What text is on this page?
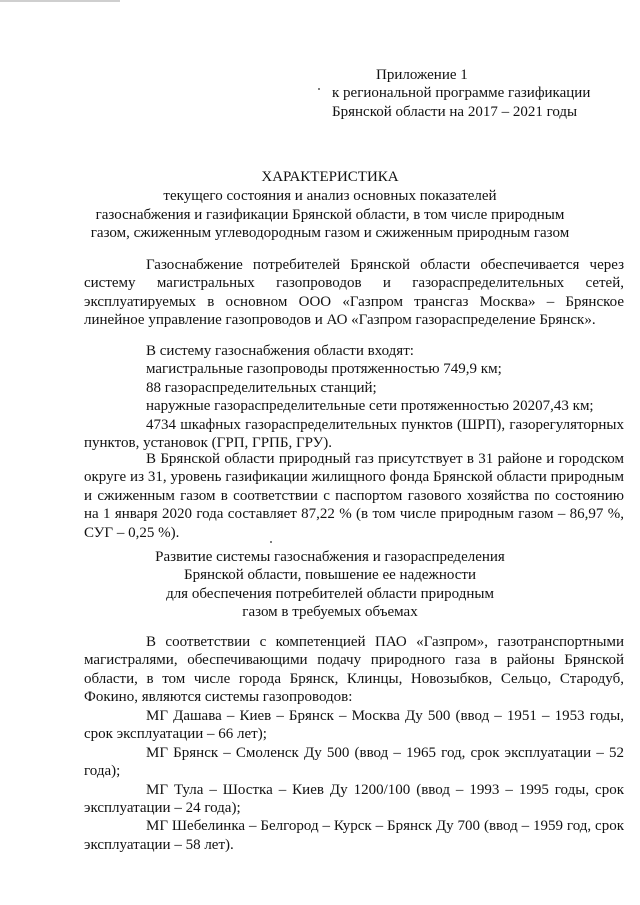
Приложение 1
к региональной программе газификации
Брянской области на 2017 – 2021 годы
ХАРАКТЕРИСТИКА
текущего состояния и анализ основных показателей
газоснабжения и газификации Брянской области, в том числе природным
газом, сжиженным углеводородным газом и сжиженным природным газом
Газоснабжение потребителей Брянской области обеспечивается через систему магистральных газопроводов и газораспределительных сетей, эксплуатируемых в основном ООО «Газпром трансгаз Москва» – Брянское линейное управление газопроводов и АО «Газпром газораспределение Брянск».
В систему газоснабжения области входят:
магистральные газопроводы протяженностью 749,9 км;
88 газораспределительных станций;
наружные газораспределительные сети протяженностью 20207,43 км;
4734 шкафных газораспределительных пунктов (ШРП), газорегуляторных пунктов, установок (ГРП, ГРПБ, ГРУ).
В Брянской области природный газ присутствует в 31 районе и городском округе из 31, уровень газификации жилищного фонда Брянской области природным и сжиженным газом в соответствии с паспортом газового хозяйства по состоянию на 1 января 2020 года составляет 87,22 % (в том числе природным газом – 86,97 %, СУГ – 0,25 %).
Развитие системы газоснабжения и газораспределения
Брянской области, повышение ее надежности
для обеспечения потребителей области природным
газом в требуемых объемах
В соответствии с компетенцией ПАО «Газпром», газотранспортными магистралями, обеспечивающими подачу природного газа в районы Брянской области, в том числе города Брянск, Клинцы, Новозыбков, Сельцо, Стародуб, Фокино, являются системы газопроводов:
МГ Дашава – Киев – Брянск – Москва Ду 500 (ввод – 1951 – 1953 годы, срок эксплуатации – 66 лет);
МГ Брянск – Смоленск Ду 500 (ввод – 1965 год, срок эксплуатации – 52 года);
МГ Тула – Шостка – Киев Ду 1200/100 (ввод – 1993 – 1995 годы, срок эксплуатации – 24 года);
МГ Шебелинка – Белгород – Курск – Брянск Ду 700 (ввод – 1959 год, срок эксплуатации – 58 лет).
